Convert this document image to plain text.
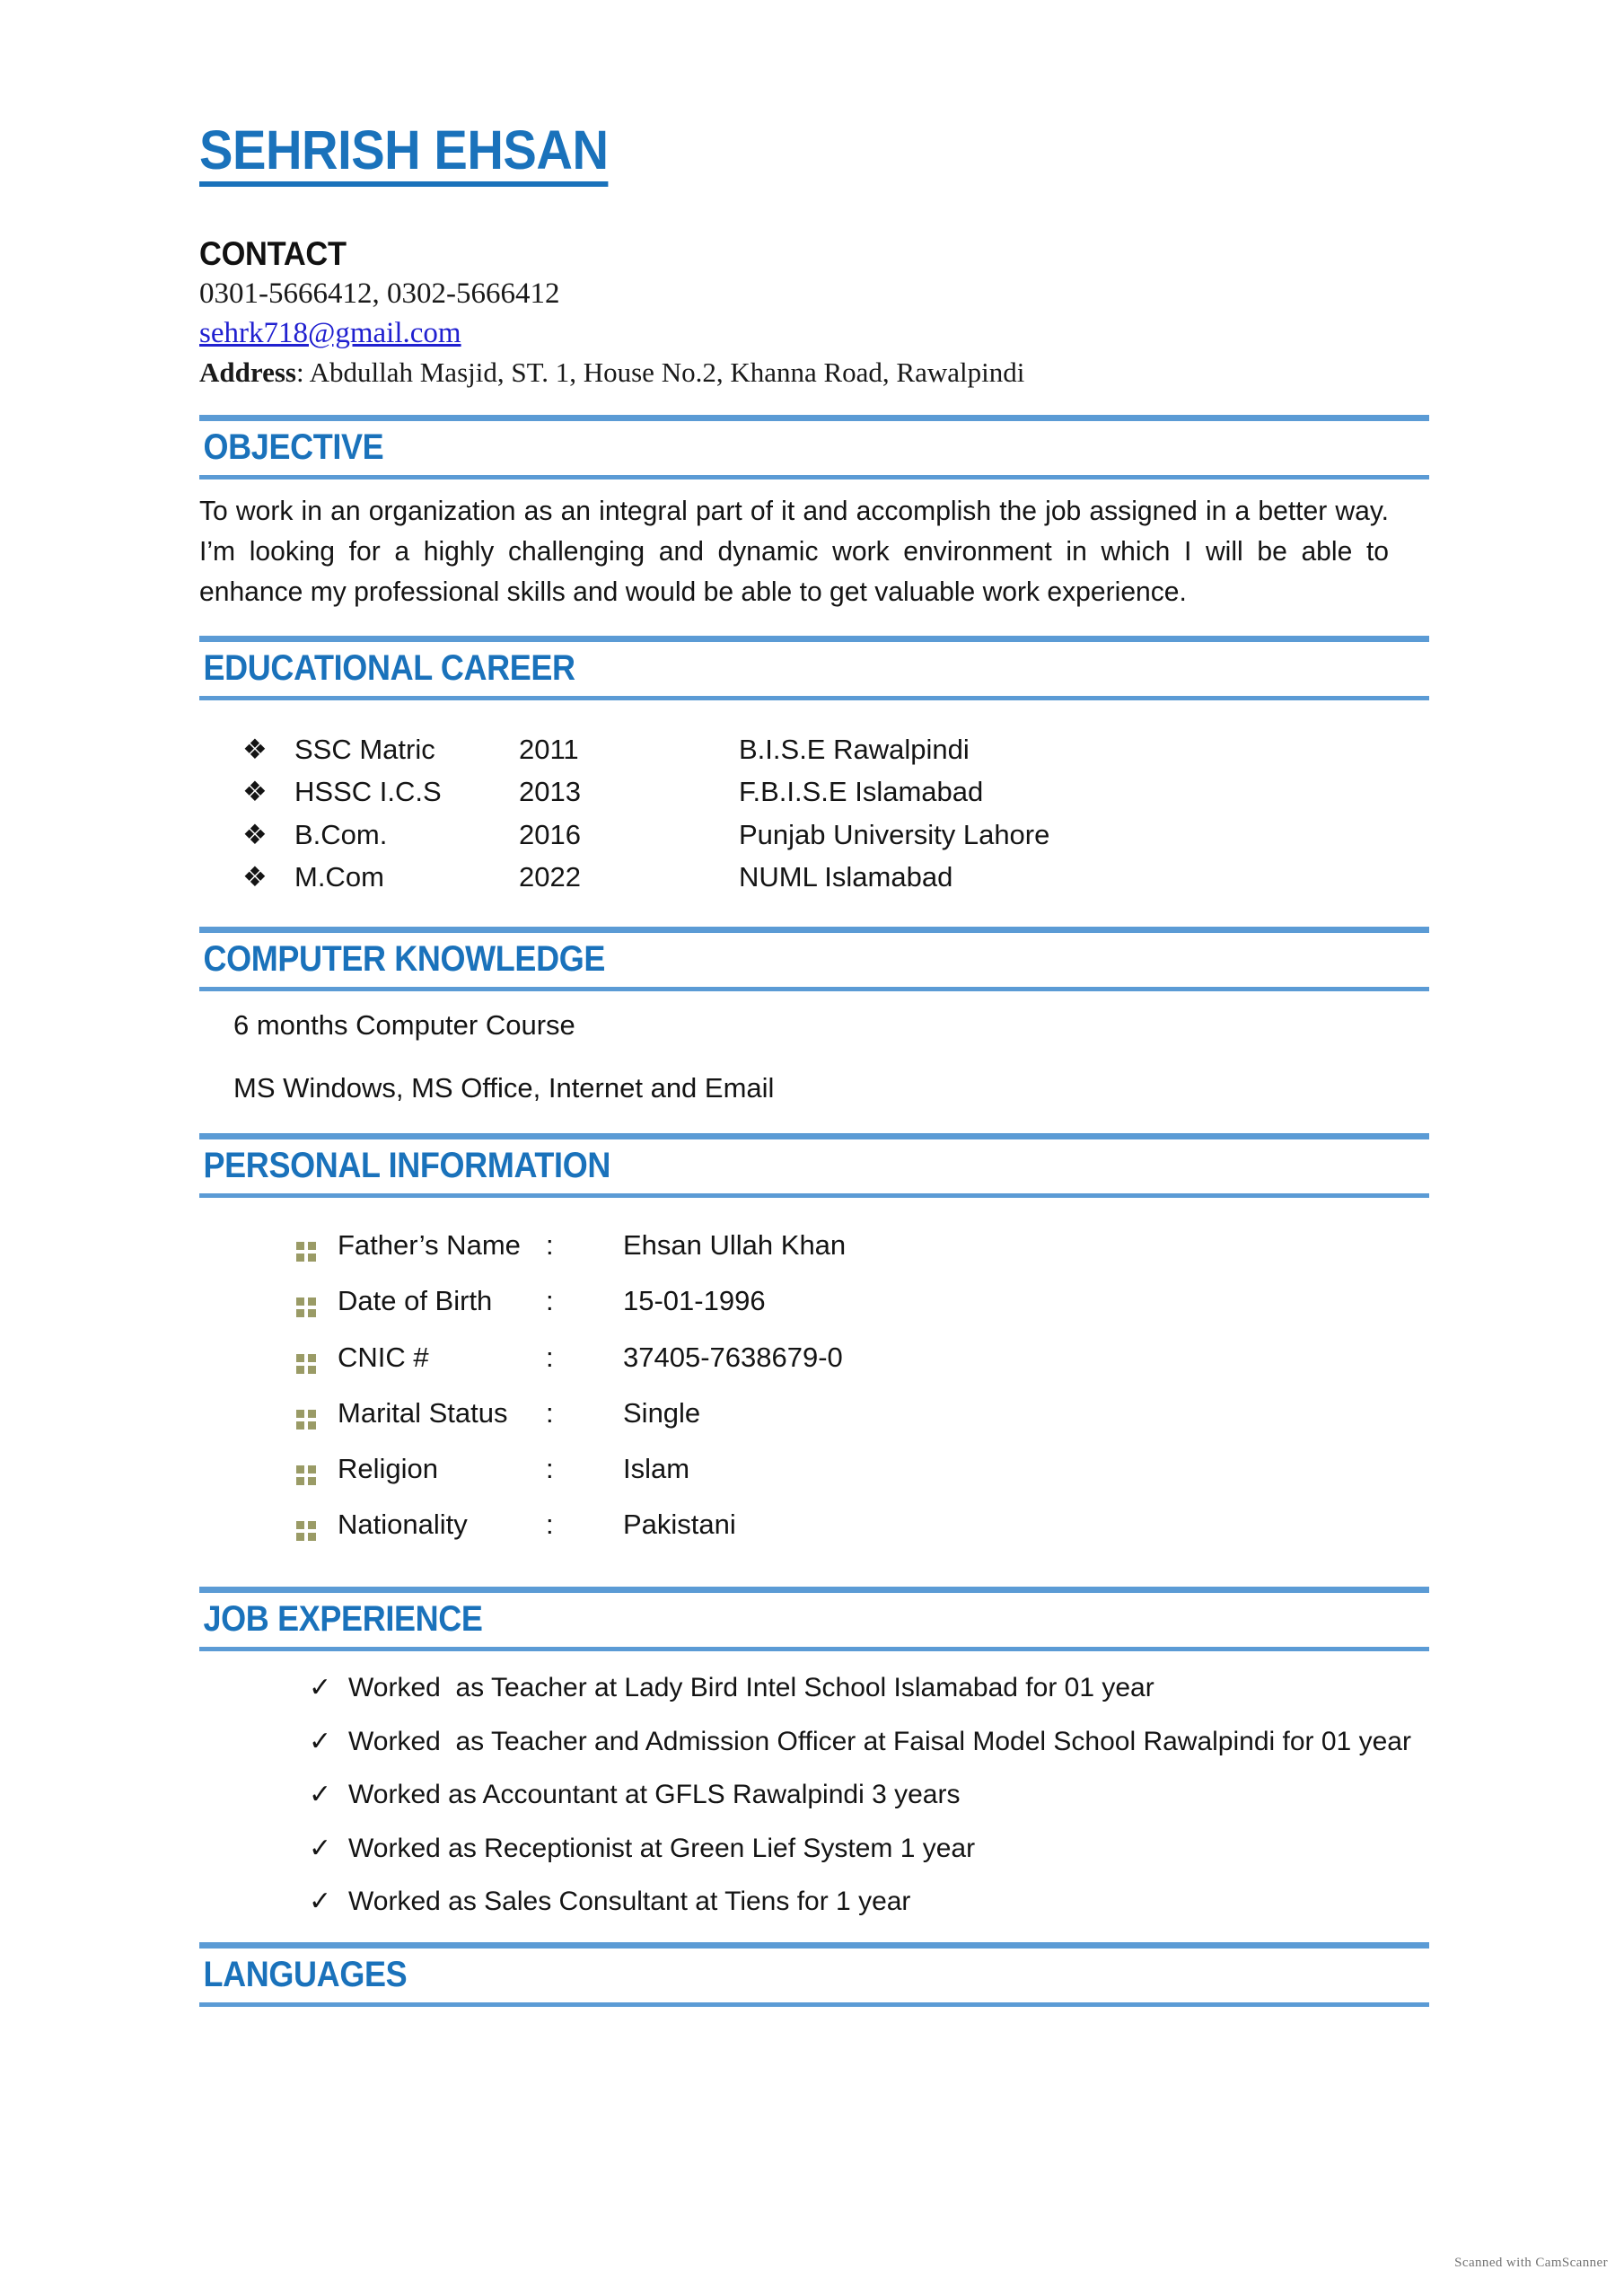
SEHRISH EHSAN
CONTACT
0301-5666412, 0302-5666412
sehrk718@gmail.com
Address: Abdullah Masjid, ST. 1, House No.2, Khanna Road, Rawalpindi
OBJECTIVE
To work in an organization as an integral part of it and accomplish the job assigned in a better way. I’m looking for a highly challenging and dynamic work environment in which I will be able to enhance my professional skills and would be able to get valuable work experience.
EDUCATIONAL CAREER
❖	SSC Matric	2011	B.I.S.E Rawalpindi
❖	HSSC I.C.S	2013	F.B.I.S.E Islamabad
❖	B.Com.	2016	Punjab University Lahore
❖	M.Com	2022	NUML Islamabad
COMPUTER KNOWLEDGE
6 months Computer Course
MS Windows, MS Office, Internet and Email
PERSONAL INFORMATION
	Father’s Name	:	Ehsan Ullah Khan

	Date of Birth	:	15-01-1996

	CNIC #	:	37405-7638679-0

	Marital Status	:	Single

	Religion	:	Islam

	Nationality	:	Pakistani
JOB EXPERIENCE
✓ Worked  as Teacher at Lady Bird Intel School Islamabad for 01 year
✓ Worked  as Teacher and Admission Officer at Faisal Model School Rawalpindi for 01 year
✓ Worked as Accountant at GFLS Rawalpindi 3 years
✓ Worked as Receptionist at Green Lief System 1 year
✓ Worked as Sales Consultant at Tiens for 1 year
LANGUAGES
Scanned with CamScanner
